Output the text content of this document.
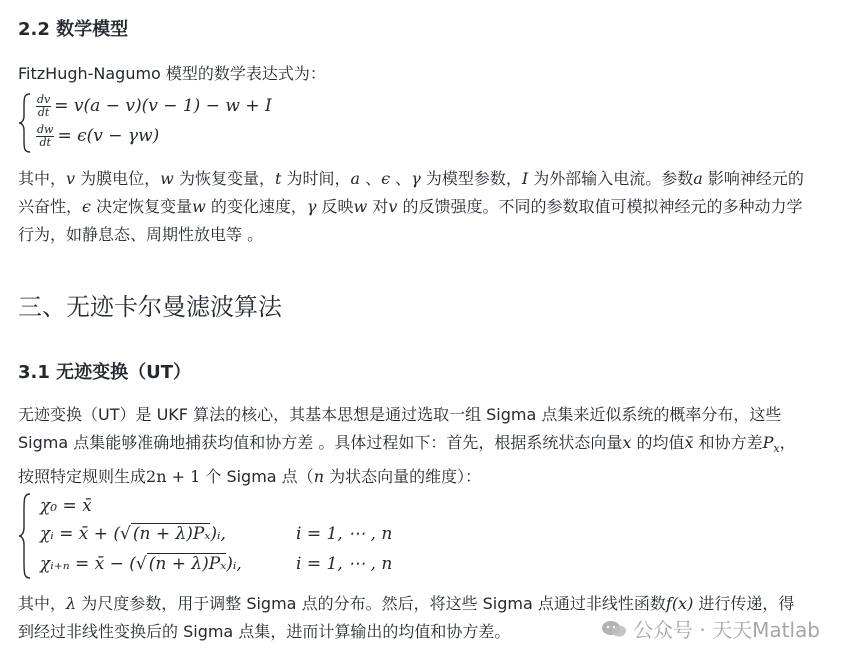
2.2 数学模型
FitzHugh-Nagumo 模型的数学表达式为：
$\frac{dv}{dt} = v(a - v)(v - 1) - w + I$
$\frac{dw}{dt} = \epsilon(v - \gamma w)$
其中，v 为膜电位，w 为恢复变量，t 为时间，a 、ϵ 、γ 为模型参数，I 为外部输入电流。参数a 影响神经元的兴奋性，ϵ 决定恢复变量w 的变化速度，γ 反映w 对v 的反馈强度。不同的参数取值可模拟神经元的多种动力学行为，如静息态、周期性放电等 。
三、无迹卡尔曼滤波算法
3.1 无迹变换（UT）
无迹变换（UT）是 UKF 算法的核心，其基本思想是通过选取一组 Sigma 点集来近似系统的概率分布，这些 Sigma 点集能够准确地捕获均值和协方差 。具体过程如下：首先，根据系统状态向量x 的均值x̄ 和协方差$P_x$，按照特定规则生成2n + 1 个 Sigma 点（n 为状态向量的维度）：
χ₀ = x̄
χᵢ = x̄ + (√ (n + λ)Pₓ)ᵢ,	i = 1, ⋯ , n
χᵢ₊ₙ = x̄ − (√ (n + λ)Pₓ)ᵢ,	i = 1, ⋯ , n
其中，λ 为尺度参数，用于调整 Sigma 点的分布。然后，将这些 Sigma 点通过非线性函数f(x) 进行传递，得到经过非线性变换后的 Sigma 点集，进而计算输出的均值和协方差。	公众号 · 天天Matlab
